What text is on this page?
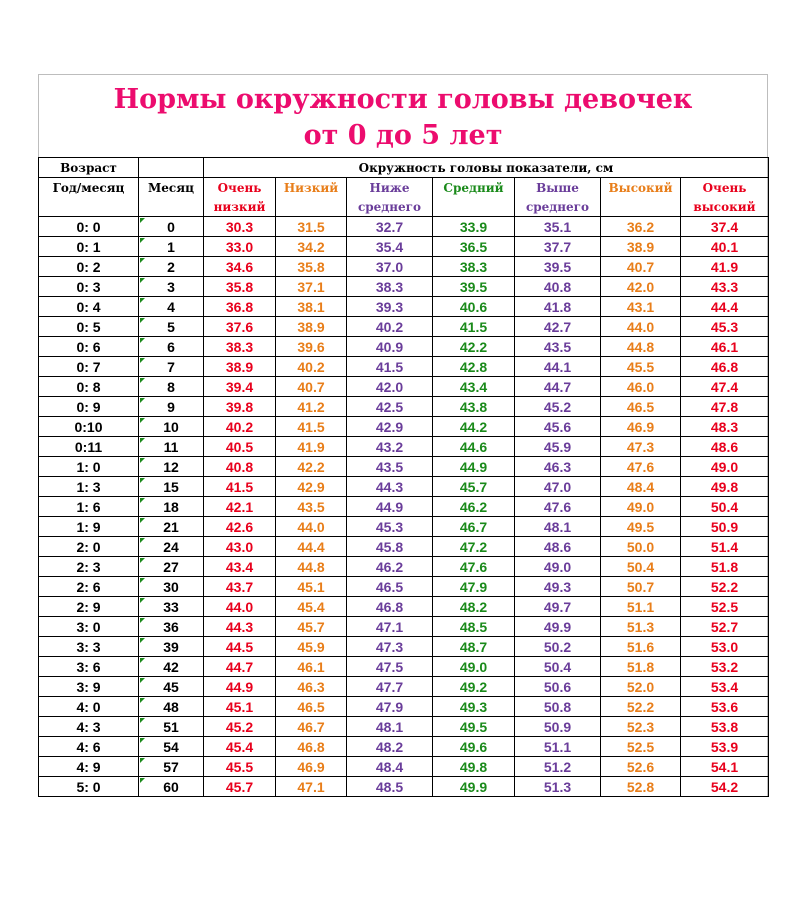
Нормы окружности головы девочек
от 0 до 5 лет
Возраст		Окружность головы показатели, см						
Год/месяц	Месяц	Очень	Низкий	Ниже	Средний	Выше	Высокий	Очень
		низкий		среднего		среднего		высокий
0: 0	0	30.3	31.5	32.7	33.9	35.1	36.2	37.4
0: 1	1	33.0	34.2	35.4	36.5	37.7	38.9	40.1
0: 2	2	34.6	35.8	37.0	38.3	39.5	40.7	41.9
0: 3	3	35.8	37.1	38.3	39.5	40.8	42.0	43.3
0: 4	4	36.8	38.1	39.3	40.6	41.8	43.1	44.4
0: 5	5	37.6	38.9	40.2	41.5	42.7	44.0	45.3
0: 6	6	38.3	39.6	40.9	42.2	43.5	44.8	46.1
0: 7	7	38.9	40.2	41.5	42.8	44.1	45.5	46.8
0: 8	8	39.4	40.7	42.0	43.4	44.7	46.0	47.4
0: 9	9	39.8	41.2	42.5	43.8	45.2	46.5	47.8
0:10	10	40.2	41.5	42.9	44.2	45.6	46.9	48.3
0:11	11	40.5	41.9	43.2	44.6	45.9	47.3	48.6
1: 0	12	40.8	42.2	43.5	44.9	46.3	47.6	49.0
1: 3	15	41.5	42.9	44.3	45.7	47.0	48.4	49.8
1: 6	18	42.1	43.5	44.9	46.2	47.6	49.0	50.4
1: 9	21	42.6	44.0	45.3	46.7	48.1	49.5	50.9
2: 0	24	43.0	44.4	45.8	47.2	48.6	50.0	51.4
2: 3	27	43.4	44.8	46.2	47.6	49.0	50.4	51.8
2: 6	30	43.7	45.1	46.5	47.9	49.3	50.7	52.2
2: 9	33	44.0	45.4	46.8	48.2	49.7	51.1	52.5
3: 0	36	44.3	45.7	47.1	48.5	49.9	51.3	52.7
3: 3	39	44.5	45.9	47.3	48.7	50.2	51.6	53.0
3: 6	42	44.7	46.1	47.5	49.0	50.4	51.8	53.2
3: 9	45	44.9	46.3	47.7	49.2	50.6	52.0	53.4
4: 0	48	45.1	46.5	47.9	49.3	50.8	52.2	53.6
4: 3	51	45.2	46.7	48.1	49.5	50.9	52.3	53.8
4: 6	54	45.4	46.8	48.2	49.6	51.1	52.5	53.9
4: 9	57	45.5	46.9	48.4	49.8	51.2	52.6	54.1
5: 0	60	45.7	47.1	48.5	49.9	51.3	52.8	54.2
